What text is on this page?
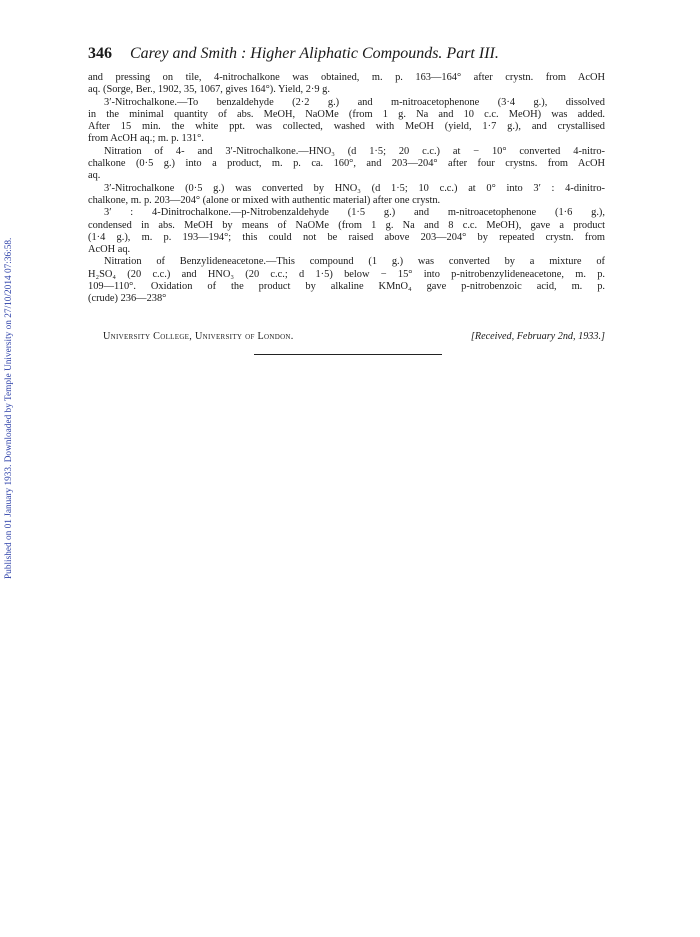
Published on 01 January 1933. Downloaded by Temple University on 27/10/2014 07:36:58.
346 Carey and Smith : Higher Aliphatic Compounds. Part III.
and pressing on tile, 4-nitrochalkone was obtained, m. p. 163—164° after crystn. from AcOH
aq. (Sorge, Ber., 1902, 35, 1067, gives 164°). Yield, 2·9 g.
3′-Nitrochalkone.—To benzaldehyde (2·2 g.) and m-nitroacetophenone (3·4 g.), dissolved
in the minimal quantity of abs. MeOH, NaOMe (from 1 g. Na and 10 c.c. MeOH) was added.
After 15 min. the white ppt. was collected, washed with MeOH (yield, 1·7 g.), and crystallised
from AcOH aq.; m. p. 131°.
Nitration of 4- and 3′-Nitrochalkone.—HNO₃ (d 1·5; 20 c.c.) at − 10° converted 4-nitro-
chalkone (0·5 g.) into a product, m. p. ca. 160°, and 203—204° after four crystns. from AcOH
aq.
3′-Nitrochalkone (0·5 g.) was converted by HNO₃ (d 1·5; 10 c.c.) at 0° into 3′ : 4-dinitro-
chalkone, m. p. 203—204° (alone or mixed with authentic material) after one crystn.
3′ : 4-Dinitrochalkone.—p-Nitrobenzaldehyde (1·5 g.) and m-nitroacetophenone (1·6 g.),
condensed in abs. MeOH by means of NaOMe (from 1 g. Na and 8 c.c. MeOH), gave a product
(1·4 g.), m. p. 193—194°; this could not be raised above 203—204° by repeated crystn. from
AcOH aq.
Nitration of Benzylideneacetone.—This compound (1 g.) was converted by a mixture of
H₂SO₄ (20 c.c.) and HNO₃ (20 c.c.; d 1·5) below − 15° into p-nitrobenzylideneacetone, m. p.
109—110°. Oxidation of the product by alkaline KMnO₄ gave p-nitrobenzoic acid, m. p.
(crude) 236—238°
University College, University of London.	[Received, February 2nd, 1933.]
